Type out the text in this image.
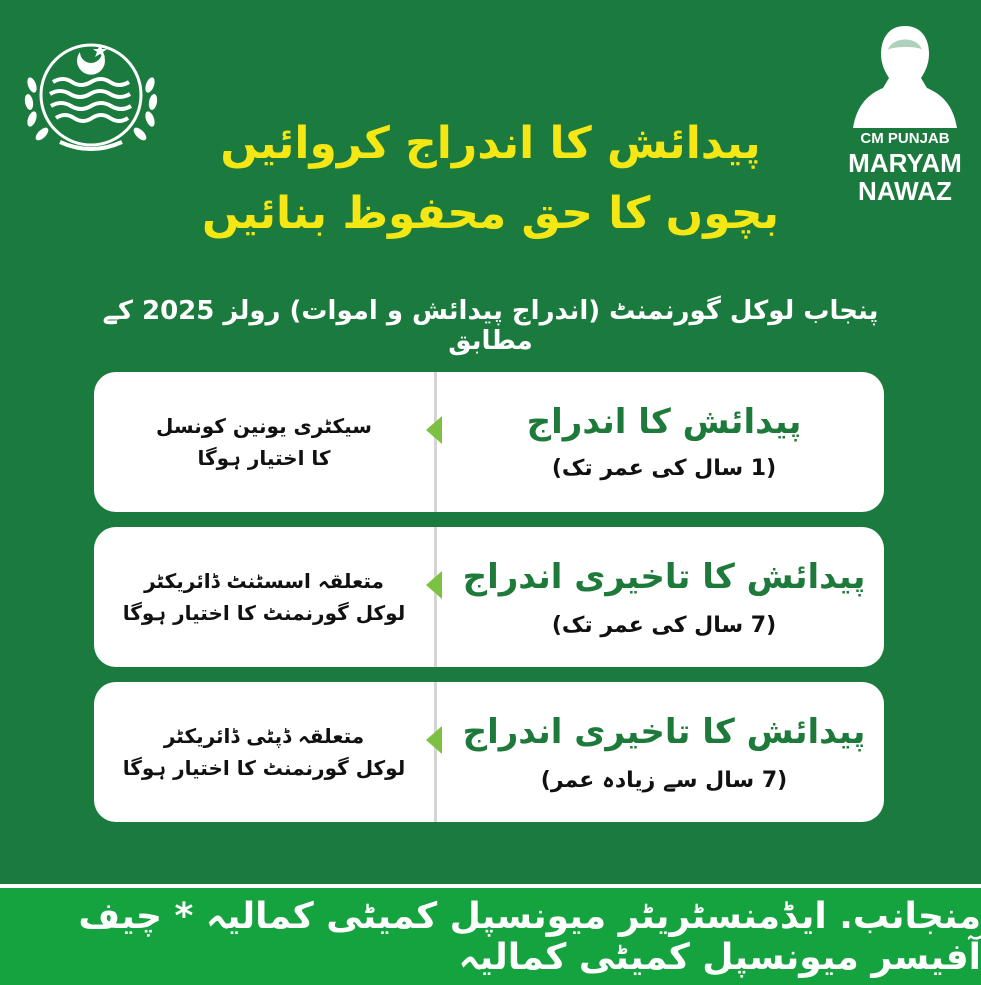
CM PUNJAB
MARYAM
NAWAZ
پیدائش کا اندراج کروائیں
بچوں کا حق محفوظ بنائیں
پنجاب لوکل گورنمنٹ (اندراج پیدائش و اموات) رولز 2025 کے مطابق
سیکٹری یونین کونسل
کا اختیار ہوگا
پیدائش کا اندراج
(1 سال کی عمر تک)
متعلقہ اسسٹنٹ ڈائریکٹر
لوکل گورنمنٹ کا اختیار ہوگا
پیدائش کا تاخیری اندراج
(7 سال کی عمر تک)
متعلقہ ڈپٹی ڈائریکٹر
لوکل گورنمنٹ کا اختیار ہوگا
پیدائش کا تاخیری اندراج
(7 سال سے زیادہ عمر)
منجانب. ایڈمنسٹریٹر میونسپل کمیٹی کمالیہ * چیف آفیسر میونسپل کمیٹی کمالیہ
